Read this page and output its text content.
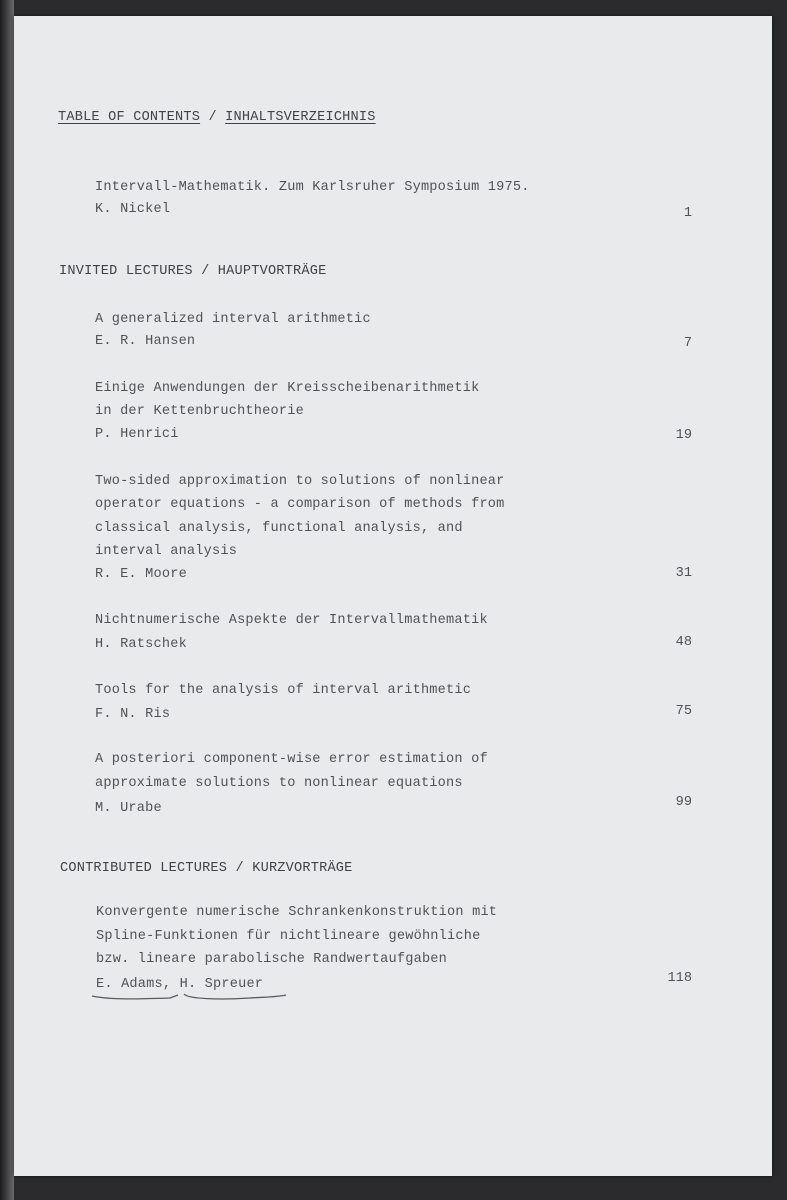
TABLE OF CONTENTS / INHALTSVERZEICHNIS
Intervall-Mathematik. Zum Karlsruher Symposium 1975.
K. Nickel	1
INVITED LECTURES / HAUPTVORTRÄGE
A generalized interval arithmetic
E. R. Hansen	7
Einige Anwendungen der Kreisscheibenarithmetik
in der Kettenbruchtheorie
P. Henrici	19
Two-sided approximation to solutions of nonlinear
operator equations - a comparison of methods from
classical analysis, functional analysis, and
interval analysis
R. E. Moore	31
Nichtnumerische Aspekte der Intervallmathematik
H. Ratschek	48
Tools for the analysis of interval arithmetic
F. N. Ris	75
A posteriori component-wise error estimation of
approximate solutions to nonlinear equations
M. Urabe	99
CONTRIBUTED LECTURES / KURZVORTRÄGE
Konvergente numerische Schrankenkonstruktion mit
Spline-Funktionen für nichtlineare gewöhnliche
bzw. lineare parabolische Randwertaufgaben
E. Adams, H. Spreuer	118
